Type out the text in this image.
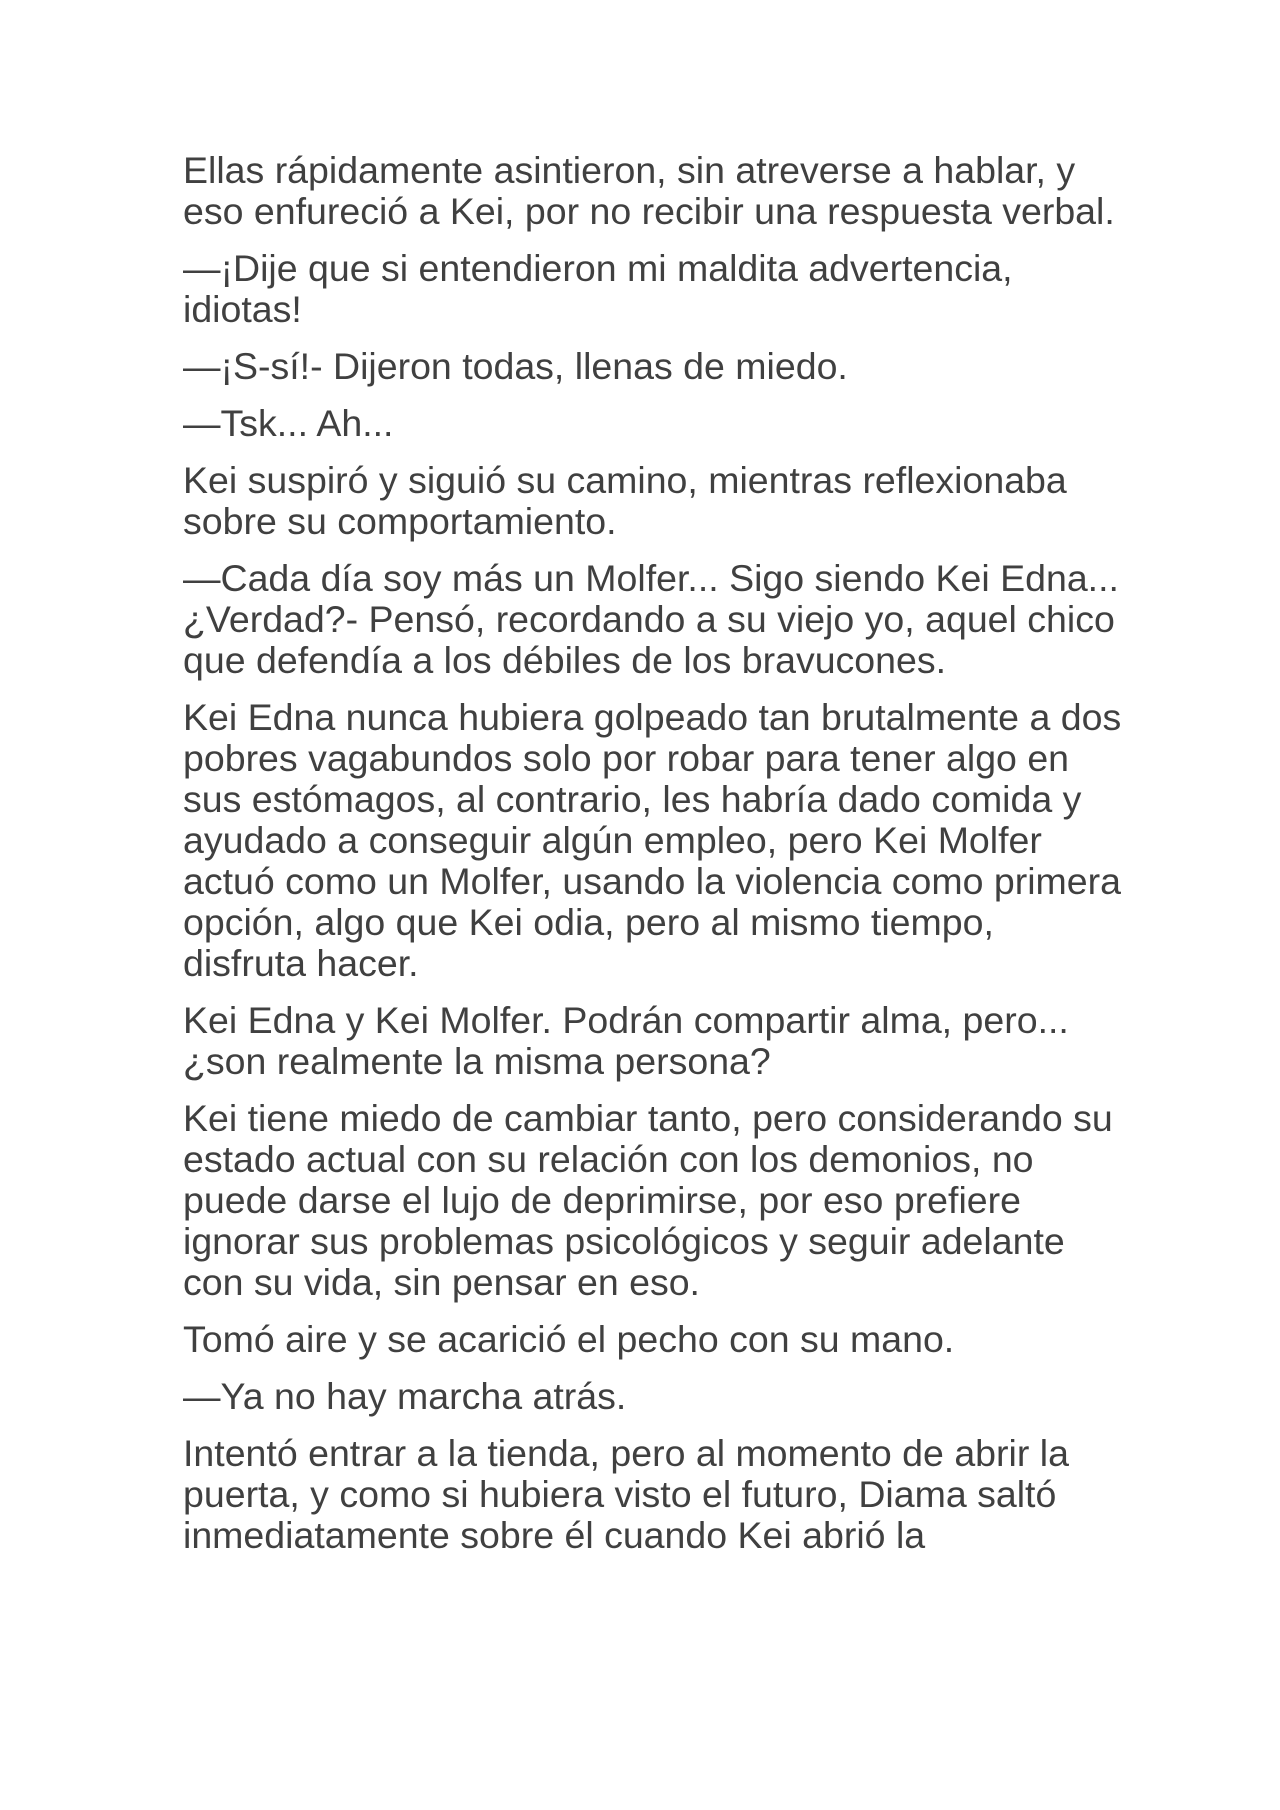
Ellas rápidamente asintieron, sin atreverse a hablar, y eso enfureció a Kei, por no recibir una respuesta verbal.

—¡Dije que si entendieron mi maldita advertencia, idiotas!

—¡S-sí!- Dijeron todas, llenas de miedo.

—Tsk... Ah...

Kei suspiró y siguió su camino, mientras reflexionaba sobre su comportamiento.

—Cada día soy más un Molfer... Sigo siendo Kei Edna... ¿Verdad?- Pensó, recordando a su viejo yo, aquel chico que defendía a los débiles de los bravucones.

Kei Edna nunca hubiera golpeado tan brutalmente a dos pobres vagabundos solo por robar para tener algo en sus estómagos, al contrario, les habría dado comida y ayudado a conseguir algún empleo, pero Kei Molfer actuó como un Molfer, usando la violencia como primera opción, algo que Kei odia, pero al mismo tiempo, disfruta hacer.

Kei Edna y Kei Molfer. Podrán compartir alma, pero... ¿son realmente la misma persona?

Kei tiene miedo de cambiar tanto, pero considerando su estado actual con su relación con los demonios, no puede darse el lujo de deprimirse, por eso prefiere ignorar sus problemas psicológicos y seguir adelante con su vida, sin pensar en eso.

Tomó aire y se acarició el pecho con su mano.

—Ya no hay marcha atrás.

Intentó entrar a la tienda, pero al momento de abrir la puerta, y como si hubiera visto el futuro, Diama saltó inmediatamente sobre él cuando Kei abrió la
